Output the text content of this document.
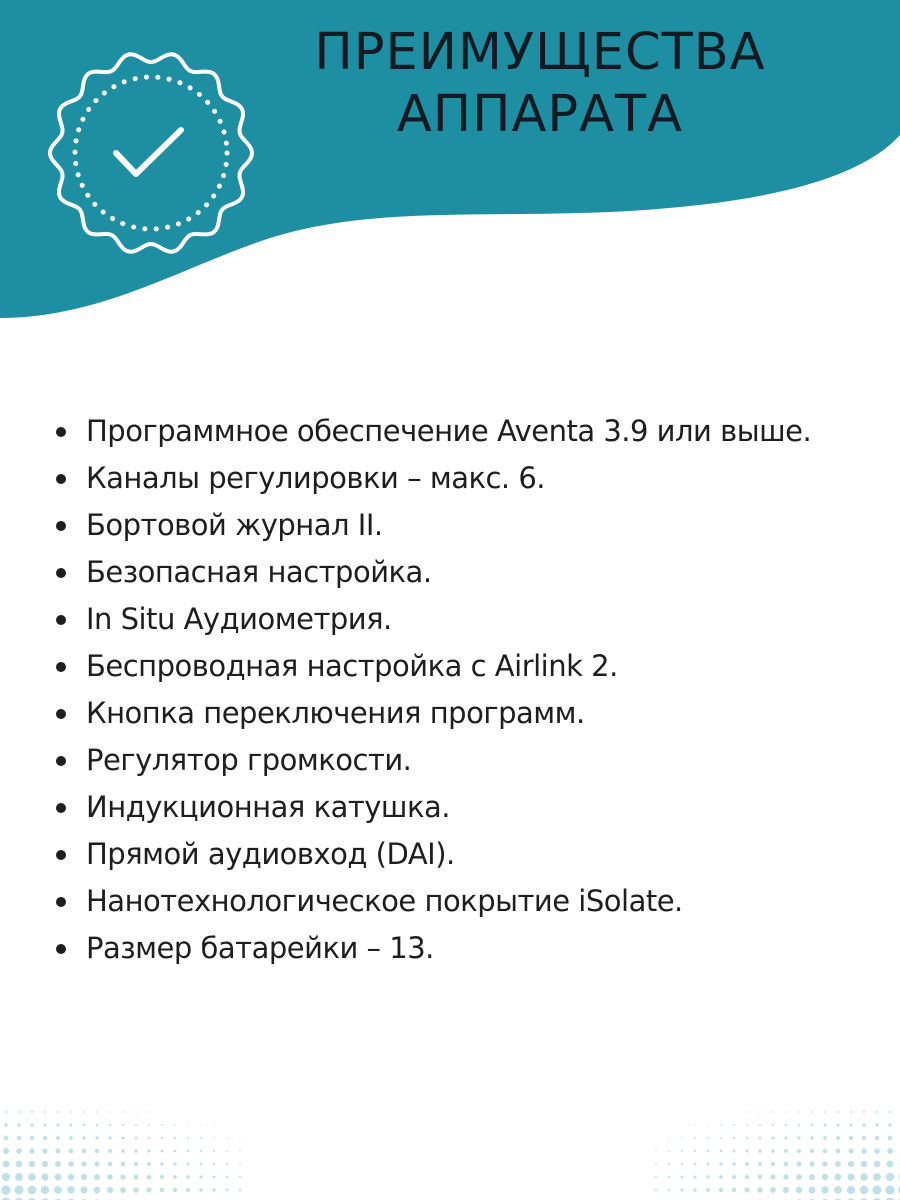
ПРЕИМУЩЕСТВА
АППАРАТА
Программное обеспечение Aventa 3.9 или выше.
Каналы регулировки – макс. 6.
Бортовой журнал II.
Безопасная настройка.
In Situ Аудиометрия.
Беспроводная настройка с Airlink 2.
Кнопка переключения программ.
Регулятор громкости.
Индукционная катушка.
Прямой аудиовход (DAI).
Нанотехнологическое покрытие iSolate.
Размер батарейки – 13.
